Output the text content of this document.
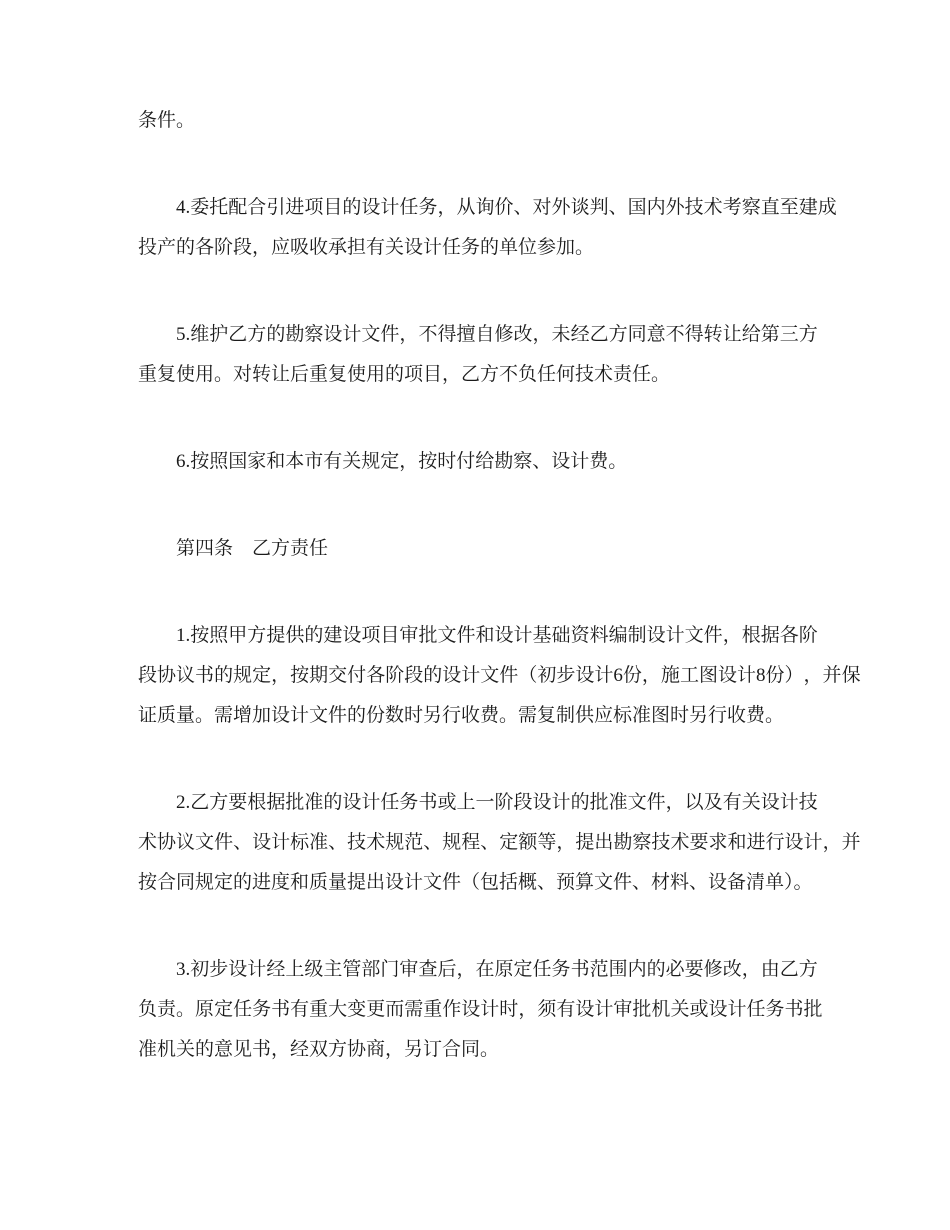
条件。
4. 委 托 配 合 引 进 项 目 的 设 计 任 务 ， 从 询 价 、 对 外 谈 判 、 国 内 外 技 术 考 察 直 至 建 成
投产的各阶段，应吸收承担有关设计任务的单位参加。
5. 维 护 乙 方 的 勘 察 设 计 文 件 ， 不 得 擅 自 修 改 ， 未 经 乙 方 同 意 不 得 转 让 给 第 三 方
重复使用。对转让后重复使用的项目，乙方不负任何技术责任。
6.按照国家和本市有关规定，按时付给勘察、设计费。
第四条　乙方责任
1. 按 照 甲 方 提 供 的 建 设 项 目 审 批 文 件 和 设 计 基 础 资 料 编 制 设 计 文 件 ， 根 据 各 阶
段 协 议 书 的 规 定 ， 按 期 交 付 各 阶 段 的 设 计 文 件 （ 初 步 设 计 6 份 ， 施 工 图 设 计 8 份 ） ， 并 保
证质量。需增加设计文件的份数时另行收费。需复制供应标准图时另行收费。
2. 乙 方 要 根 据 批 准 的 设 计 任 务 书 或 上 一 阶 段 设 计 的 批 准 文 件 ， 以 及 有 关 设 计 技
术 协 议 文 件 、 设 计 标 准 、 技 术 规 范 、 规 程 、 定 额 等 ， 提 出 勘 察 技 术 要 求 和 进 行 设 计 ， 并
按合同规定的进度和质量提出设计文件（包括概、预算文件、材料、设备清单）。
3. 初 步 设 计 经 上 级 主 管 部 门 审 查 后 ， 在 原 定 任 务 书 范 围 内 的 必 要 修 改 ， 由 乙 方
负 责 。 原 定 任 务 书 有 重 大 变 更 而 需 重 作 设 计 时 ， 须 有 设 计 审 批 机 关 或 设 计 任 务 书 批
准机关的意见书，经双方协商，另订合同。
